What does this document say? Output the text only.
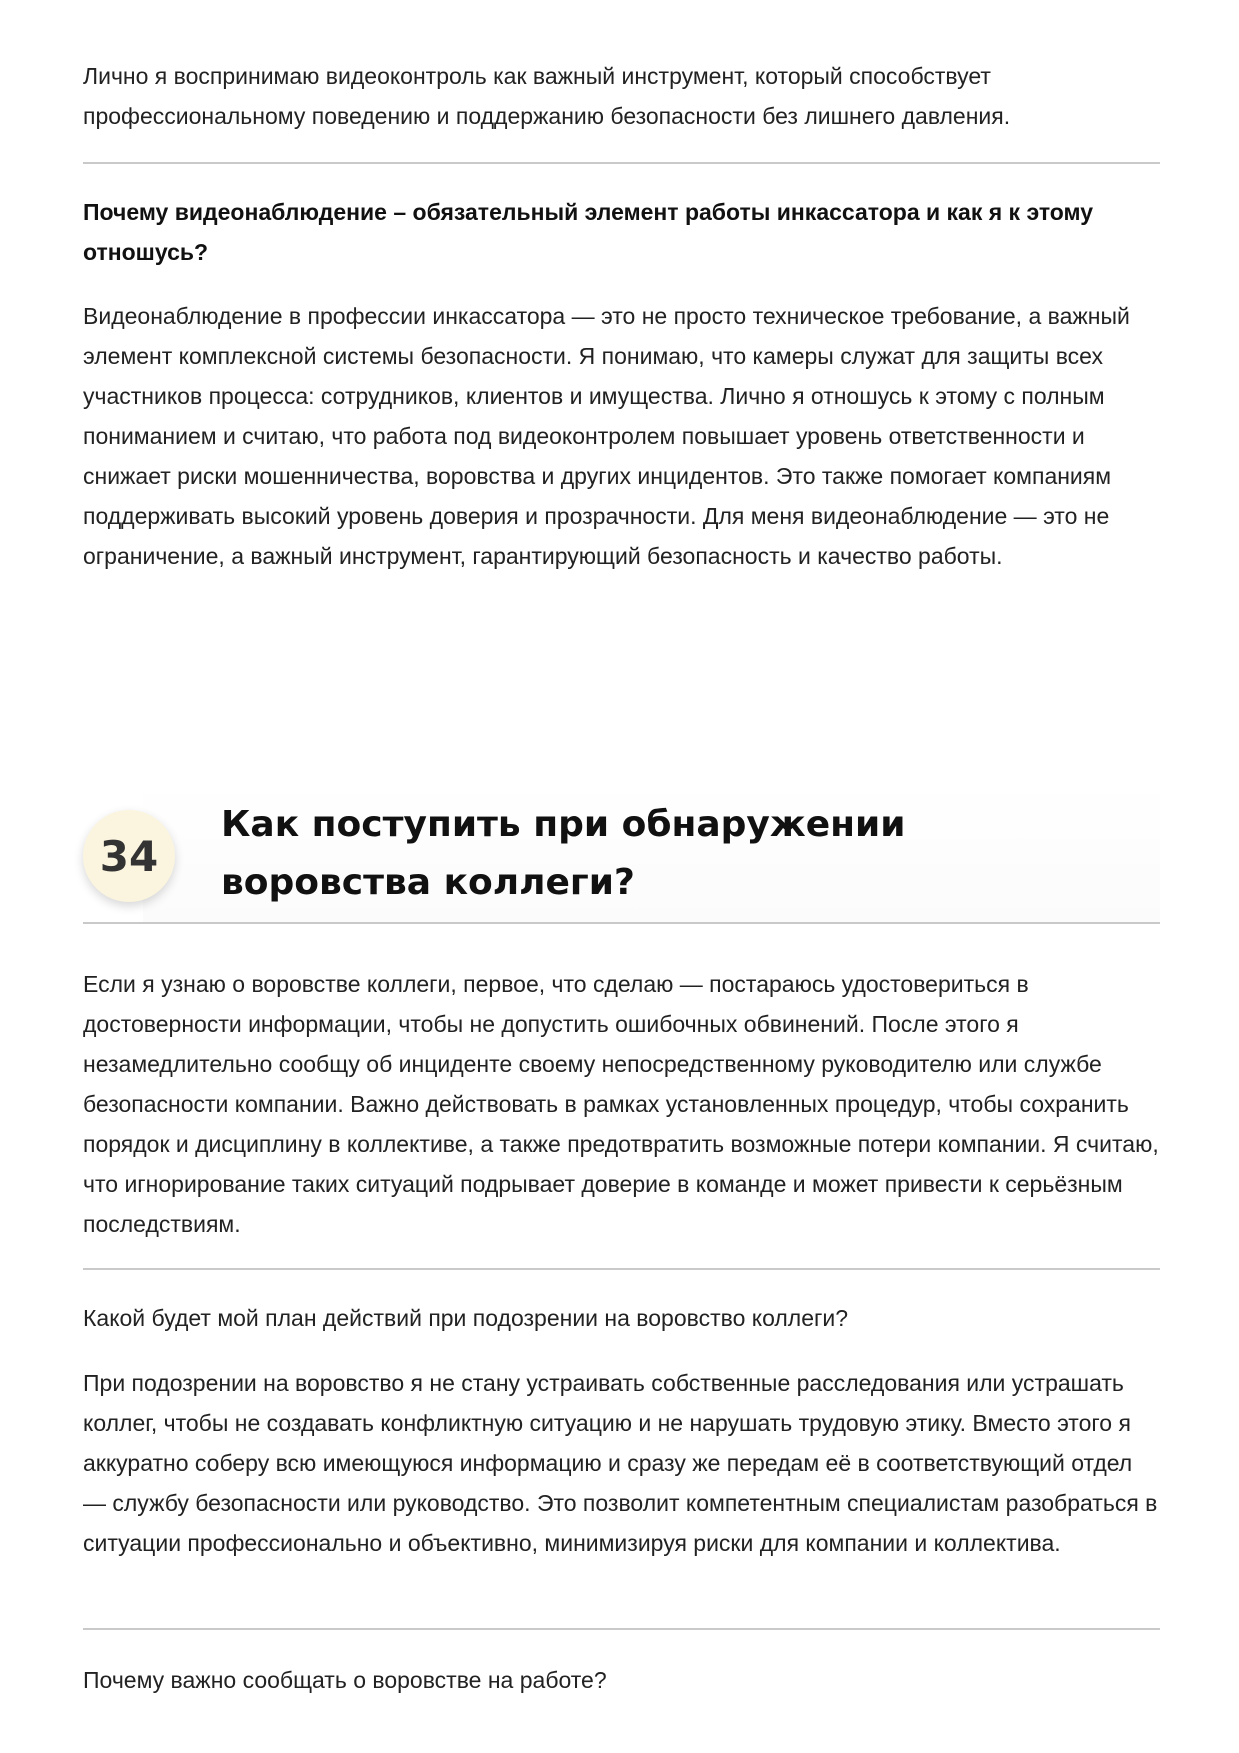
Лично я воспринимаю видеоконтроль как важный инструмент, который способствует профессиональному поведению и поддержанию безопасности без лишнего давления.

Почему видеонаблюдение – обязательный элемент работы инкассатора и как я к этому отношусь?

Видеонаблюдение в профессии инкассатора — это не просто техническое требование, а важный элемент комплексной системы безопасности. Я понимаю, что камеры служат для защиты всех участников процесса: сотрудников, клиентов и имущества. Лично я отношусь к этому с полным пониманием и считаю, что работа под видеоконтролем повышает уровень ответственности и снижает риски мошенничества, воровства и других инцидентов. Это также помогает компаниям поддерживать высокий уровень доверия и прозрачности. Для меня видеонаблюдение — это не ограничение, а важный инструмент, гарантирующий безопасность и качество работы.

34
Как поступить при обнаружении воровства коллеги?

Если я узнаю о воровстве коллеги, первое, что сделаю — постараюсь удостовериться в достоверности информации, чтобы не допустить ошибочных обвинений. После этого я незамедлительно сообщу об инциденте своему непосредственному руководителю или службе безопасности компании. Важно действовать в рамках установленных процедур, чтобы сохранить порядок и дисциплину в коллективе, а также предотвратить возможные потери компании. Я считаю, что игнорирование таких ситуаций подрывает доверие в команде и может привести к серьёзным последствиям.

Какой будет мой план действий при подозрении на воровство коллеги?

При подозрении на воровство я не стану устраивать собственные расследования или устрашать коллег, чтобы не создавать конфликтную ситуацию и не нарушать трудовую этику. Вместо этого я аккуратно соберу всю имеющуюся информацию и сразу же передам её в соответствующий отдел — службу безопасности или руководство. Это позволит компетентным специалистам разобраться в ситуации профессионально и объективно, минимизируя риски для компании и коллектива.

Почему важно сообщать о воровстве на работе?
